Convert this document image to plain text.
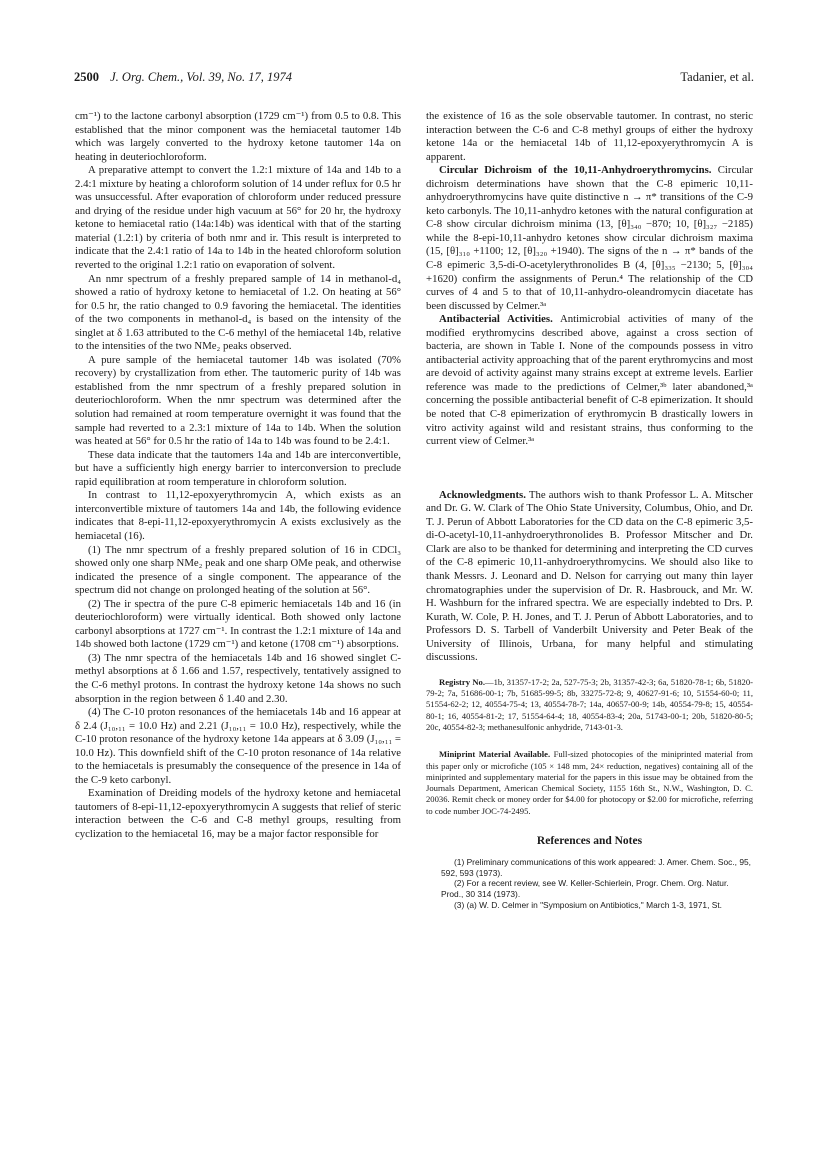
2500 J. Org. Chem., Vol. 39, No. 17, 1974	Tadanier, et al.

cm⁻¹) to the lactone carbonyl absorption (1729 cm⁻¹) from 0.5 to 0.8. This established that the minor component was the hemiacetal tautomer 14b which was largely converted to the hydroxy ketone tautomer 14a on heating in deuteriochloroform.

A preparative attempt to convert the 1.2:1 mixture of 14a and 14b to a 2.4:1 mixture by heating a chloroform solution of 14 under reflux for 0.5 hr was unsuccessful. After evaporation of chloroform under reduced pressure and drying of the residue under high vacuum at 56° for 20 hr, the hydroxy ketone to hemiacetal ratio (14a:14b) was identical with that of the starting material (1.2:1) by criteria of both nmr and ir. This result is interpreted to indicate that the 2.4:1 ratio of 14a to 14b in the heated chloroform solution reverted to the original 1.2:1 ratio on evaporation of solvent.

An nmr spectrum of a freshly prepared sample of 14 in methanol-d₄ showed a ratio of hydroxy ketone to hemiacetal of 1.2. On heating at 56° for 0.5 hr, the ratio changed to 0.9 favoring the hemiacetal. The identities of the two components in methanol-d₄ is based on the intensity of the singlet at δ 1.63 attributed to the C-6 methyl of the hemiacetal 14b, relative to the intensities of the two NMe₂ peaks observed.

A pure sample of the hemiacetal tautomer 14b was isolated (70% recovery) by crystallization from ether. The tautomeric purity of 14b was established from the nmr spectrum of a freshly prepared solution in deuteriochloroform. When the nmr spectrum was determined after the solution had remained at room temperature overnight it was found that the sample had reverted to a 2.3:1 mixture of 14a to 14b. When the solution was heated at 56° for 0.5 hr the ratio of 14a to 14b was found to be 2.4:1.

These data indicate that the tautomers 14a and 14b are interconvertible, but have a sufficiently high energy barrier to interconversion to preclude rapid equilibration at room temperature in chloroform solution.

In contrast to 11,12-epoxyerythromycin A, which exists as an interconvertible mixture of tautomers 14a and 14b, the following evidence indicates that 8-epi-11,12-epoxyerythromycin A exists exclusively as the hemiacetal (16).

(1) The nmr spectrum of a freshly prepared solution of 16 in CDCl₃ showed only one sharp NMe₂ peak and one sharp OMe peak, and otherwise indicated the presence of a single component. The appearance of the spectrum did not change on prolonged heating of the solution at 56°.

(2) The ir spectra of the pure C-8 epimeric hemiacetals 14b and 16 (in deuteriochloroform) were virtually identical. Both showed only lactone carbonyl absorptions at 1727 cm⁻¹. In contrast the 1.2:1 mixture of 14a and 14b showed both lactone (1729 cm⁻¹) and ketone (1708 cm⁻¹) absorptions.

(3) The nmr spectra of the hemiacetals 14b and 16 showed singlet C-methyl absorptions at δ 1.66 and 1.57, respectively, tentatively assigned to the C-6 methyl protons. In contrast the hydroxy ketone 14a shows no such absorption in the region between δ 1.40 and 2.30.

(4) The C-10 proton resonances of the hemiacetals 14b and 16 appear at δ 2.4 (J₁₀,₁₁ = 10.0 Hz) and 2.21 (J₁₀,₁₁ = 10.0 Hz), respectively, while the C-10 proton resonance of the hydroxy ketone 14a appears at δ 3.09 (J₁₀,₁₁ = 10.0 Hz). This downfield shift of the C-10 proton resonance of 14a relative to the hemiacetals is presumably the consequence of the presence in 14a of the C-9 keto carbonyl.

Examination of Dreiding models of the hydroxy ketone and hemiacetal tautomers of 8-epi-11,12-epoxyerythromycin A suggests that relief of steric interaction between the C-6 and C-8 methyl groups, resulting from cyclization to the hemiacetal 16, may be a major factor responsible for

the existence of 16 as the sole observable tautomer. In contrast, no steric interaction between the C-6 and C-8 methyl groups of either the hydroxy ketone 14a or the hemiacetal 14b of 11,12-epoxyerythromycin A is apparent.

Circular Dichroism of the 10,11-Anhydroerythromycins. Circular dichroism determinations have shown that the C-8 epimeric 10,11-anhydroerythromycins have quite distinctive n → π* transitions of the C-9 keto carbonyls. The 10,11-anhydro ketones with the natural configuration at C-8 show circular dichroism minima (13, [θ]₃₄₀ −870; 10, [θ]₃₂₇ −2185) while the 8-epi-10,11-anhydro ketones show circular dichroism maxima (15, [θ]₃₁₀ +1100; 12, [θ]₃₂₀ +1940). The signs of the n → π* bands of the C-8 epimeric 3,5-di-O-acetylerythronolides B (4, [θ]₃₃₅ −2130; 5, [θ]₃₀₄ +1620) confirm the assignments of Perun.⁴ The relationship of the CD curves of 4 and 5 to that of 10,11-anhydro-oleandromycin diacetate has been discussed by Celmer.³ᵃ

Antibacterial Activities. Antimicrobial activities of many of the modified erythromycins described above, against a cross section of bacteria, are shown in Table I. None of the compounds possess in vitro antibacterial activity approaching that of the parent erythromycins and most are devoid of activity against many strains except at extreme levels. Earlier reference was made to the predictions of Celmer,³ᵇ later abandoned,³ᵃ concerning the possible antibacterial benefit of C-8 epimerization. It should be noted that C-8 epimerization of erythromycin B drastically lowers in vitro activity against wild and resistant strains, thus conforming to the current view of Celmer.³ᵃ

Acknowledgments. The authors wish to thank Professor L. A. Mitscher and Dr. G. W. Clark of The Ohio State University, Columbus, Ohio, and Dr. T. J. Perun of Abbott Laboratories for the CD data on the C-8 epimeric 3,5-di-O-acetyl-10,11-anhydroerythronolides B. Professor Mitscher and Dr. Clark are also to be thanked for determining and interpreting the CD curves of the C-8 epimeric 10,11-anhydroerythromycins. We should also like to thank Messrs. J. Leonard and D. Nelson for carrying out many thin layer chromatographies under the supervision of Dr. R. Hasbrouck, and Mr. W. H. Washburn for the infrared spectra. We are especially indebted to Drs. P. Kurath, W. Cole, P. H. Jones, and T. J. Perun of Abbott Laboratories, and to Professors D. S. Tarbell of Vanderbilt University and Peter Beak of the University of Illinois, Urbana, for many helpful and stimulating discussions.

Registry No.—1b, 31357-17-2; 2a, 527-75-3; 2b, 31357-42-3; 6a, 51820-78-1; 6b, 51820-79-2; 7a, 51686-00-1; 7b, 51685-99-5; 8b, 33275-72-8; 9, 40627-91-6; 10, 51554-60-0; 11, 51554-62-2; 12, 40554-75-4; 13, 40554-78-7; 14a, 40657-00-9; 14b, 40554-79-8; 15, 40554-80-1; 16, 40554-81-2; 17, 51554-64-4; 18, 40554-83-4; 20a, 51743-00-1; 20b, 51820-80-5; 20c, 40554-82-3; methanesulfonic anhydride, 7143-01-3.

Miniprint Material Available. Full-sized photocopies of the miniprinted material from this paper only or microfiche (105 × 148 mm, 24× reduction, negatives) containing all of the miniprinted and supplementary material for the papers in this issue may be obtained from the Journals Department, American Chemical Society, 1155 16th St., N.W., Washington, D. C. 20036. Remit check or money order for $4.00 for photocopy or $2.00 for microfiche, referring to code number JOC-74-2495.

References and Notes

(1) Preliminary communications of this work appeared: J. Amer. Chem. Soc., 95, 592, 593 (1973).

(2) For a recent review, see W. Keller-Schierlein, Progr. Chem. Org. Natur. Prod., 30 314 (1973).

(3) (a) W. D. Celmer in "Symposium on Antibiotics," March 1-3, 1971, St.
